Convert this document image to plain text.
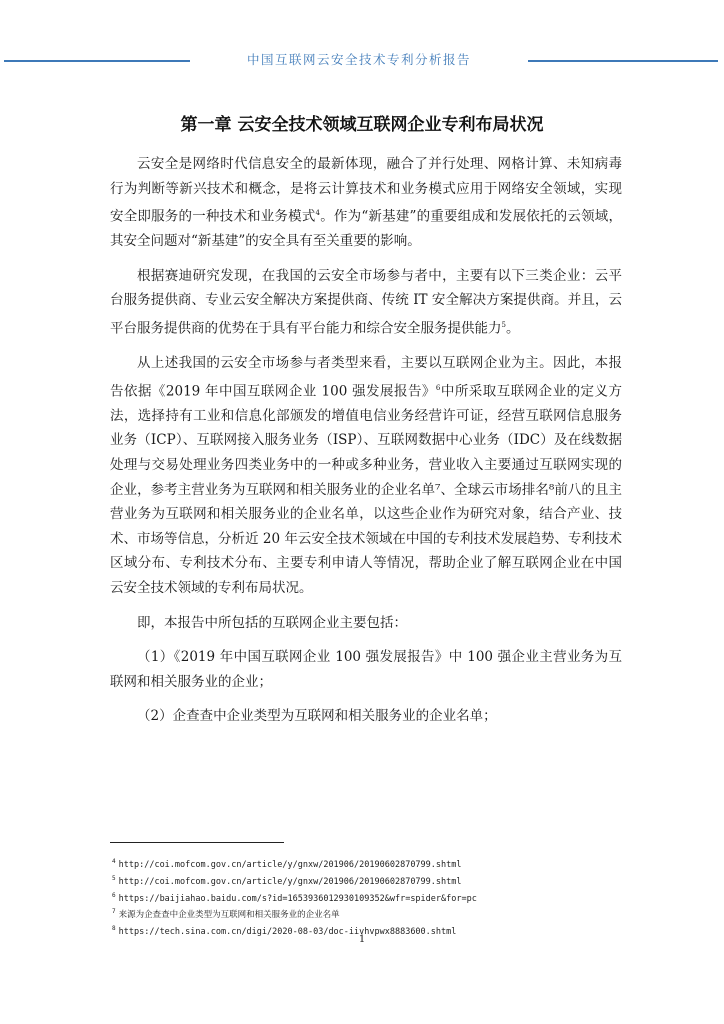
中国互联网云安全技术专利分析报告
第一章 云安全技术领域互联网企业专利布局状况

云安全是网络时代信息安全的最新体现，融合了并行处理、网格计算、未知病毒行为判断等新兴技术和概念，是将云计算技术和业务模式应用于网络安全领域，实现安全即服务的一种技术和业务模式$^4$。作为“新基建”的重要组成和发展依托的云领域，其安全问题对“新基建”的安全具有至关重要的影响。

根据赛迪研究发现，在我国的云安全市场参与者中，主要有以下三类企业：云平台服务提供商、专业云安全解决方案提供商、传统 IT 安全解决方案提供商。并且，云平台服务提供商的优势在于具有平台能力和综合安全服务提供能力$^5$。

从上述我国的云安全市场参与者类型来看，主要以互联网企业为主。因此，本报告依据《2019 年中国互联网企业 100 强发展报告》$^6$中所采取互联网企业的定义方法，选择持有工业和信息化部颁发的增值电信业务经营许可证，经营互联网信息服务业务（ICP）、互联网接入服务业务（ISP）、互联网数据中心业务（IDC）及在线数据处理与交易处理业务四类业务中的一种或多种业务，营业收入主要通过互联网实现的企业，参考主营业务为互联网和相关服务业的企业名单⁷、全球云市场排名⁸前八的且主营业务为互联网和相关服务业的企业名单，以这些企业作为研究对象，结合产业、技术、市场等信息，分析近 20 年云安全技术领域在中国的专利技术发展趋势、专利技术区域分布、专利技术分布、主要专利申请人等情况，帮助企业了解互联网企业在中国云安全技术领域的专利布局状况。

即，本报告中所包括的互联网企业主要包括：

（1）《2019 年中国互联网企业 100 强发展报告》中 100 强企业主营业务为互联网和相关服务业的企业；

（2）企查查中企业类型为互联网和相关服务业的企业名单；

$^4$ http://coi.mofcom.gov.cn/article/y/gnxw/201906/20190602870799.shtml
$^5$ http://coi.mofcom.gov.cn/article/y/gnxw/201906/20190602870799.shtml
$^6$ https://baijiahao.baidu.com/s?id=1653936012930109352&wfr=spider&for=pc
$^7$ 来源为企查查中企业类型为互联网和相关服务业的企业名单
$^8$ https://tech.sina.com.cn/digi/2020-08-03/doc-iivhvpwx8883600.shtml
1
